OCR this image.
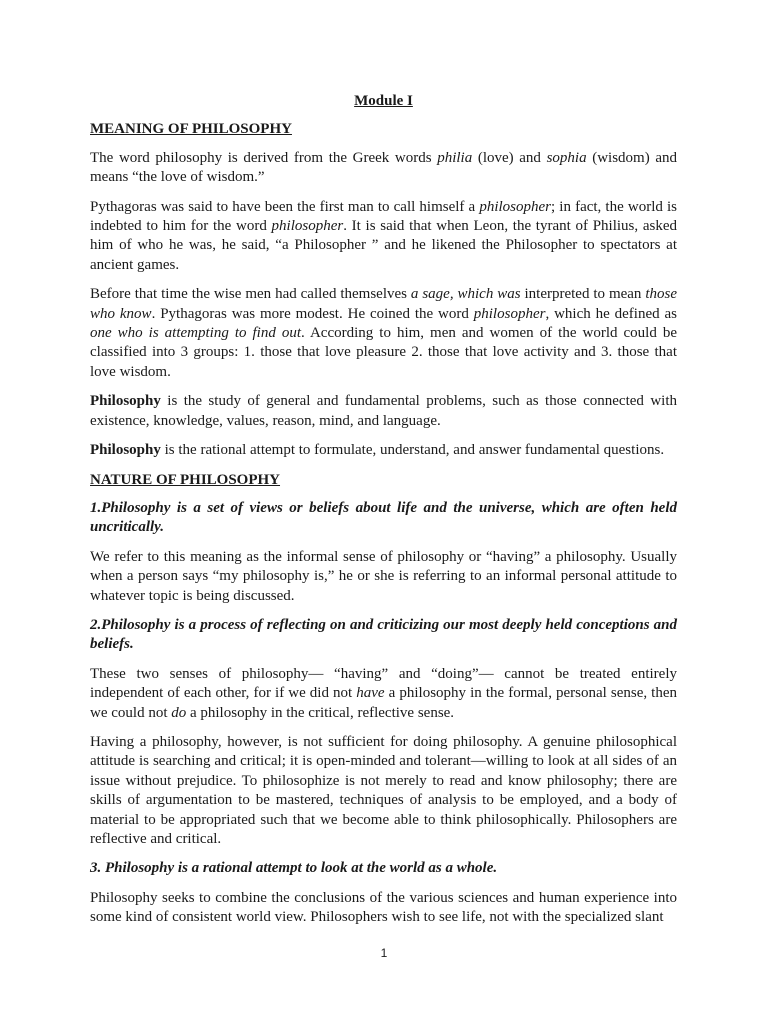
Module I
MEANING OF PHILOSOPHY

The word philosophy is derived from the Greek words philia (love) and sophia (wisdom) and means “the love of wisdom.”

Pythagoras was said to have been the first man to call himself a philosopher; in fact, the world is indebted to him for the word philosopher. It is said that when Leon, the tyrant of Philius, asked him of who he was, he said, “a Philosopher ” and he likened the Philosopher to spectators at ancient games.

Before that time the wise men had called themselves a sage, which was interpreted to mean those who know. Pythagoras was more modest. He coined the word philosopher, which he defined as one who is attempting to find out. According to him, men and women of the world could be classified into 3 groups: 1. those that love pleasure 2. those that love activity and 3. those that love wisdom.

Philosophy is the study of general and fundamental problems, such as those connected with existence, knowledge, values, reason, mind, and language.

Philosophy is the rational attempt to formulate, understand, and answer fundamental questions.

NATURE OF PHILOSOPHY

1.Philosophy is a set of views or beliefs about life and the universe, which are often held uncritically.

We refer to this meaning as the informal sense of philosophy or “having” a philosophy. Usually when a person says “my philosophy is,” he or she is referring to an informal personal attitude to whatever topic is being discussed.

2.Philosophy is a process of reflecting on and criticizing our most deeply held conceptions and beliefs.

These two senses of philosophy— “having” and “doing”— cannot be treated entirely independent of each other, for if we did not have a philosophy in the formal, personal sense, then we could not do a philosophy in the critical, reflective sense.

Having a philosophy, however, is not sufficient for doing philosophy. A genuine philosophical attitude is searching and critical; it is open-minded and tolerant—willing to look at all sides of an issue without prejudice. To philosophize is not merely to read and know philosophy; there are skills of argumentation to be mastered, techniques of analysis to be employed, and a body of material to be appropriated such that we become able to think philosophically. Philosophers are reflective and critical.

3. Philosophy is a rational attempt to look at the world as a whole.

Philosophy seeks to combine the conclusions of the various sciences and human experience into some kind of consistent world view. Philosophers wish to see life, not with the specialized slant

1
